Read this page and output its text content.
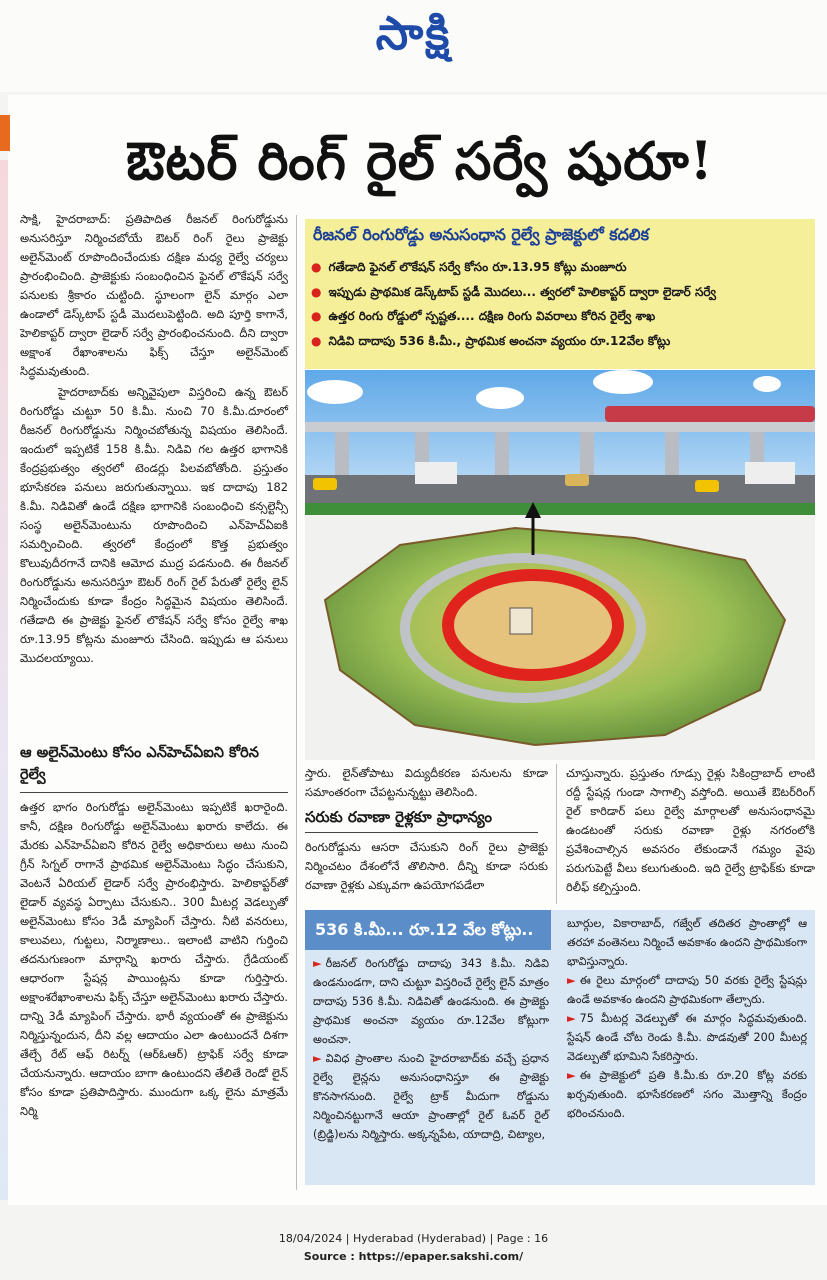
సాక్షి
ఔటర్ రింగ్ రైల్ సర్వే షురూ!

సాక్షి, హైదరాబాద్: ప్రతిపాదిత రీజనల్ రింగురోడ్డును అనుసరిస్తూ నిర్మించబోయే ఔటర్ రింగ్ రైలు ప్రాజెక్టు అలైన్‌మెంట్ రూపొందించేందుకు దక్షిణ మధ్య రైల్వే చర్యలు ప్రారంభించింది. ప్రాజెక్టుకు సంబంధించిన ఫైనల్ లొకేషన్ సర్వే పనులకు శ్రీకారం చుట్టింది. స్థూలంగా లైన్ మార్గం ఎలా ఉండాలో డెస్క్‌టాప్ స్టడీ మొదలుపెట్టింది. అది పూర్తి కాగానే, హెలికాప్టర్ ద్వారా లైడార్ సర్వే ప్రారంభించనుంది. దీని ద్వారా అక్షాంశ రేఖాంశాలను ఫిక్స్ చేస్తూ అలైన్‌మెంట్ సిద్ధమవుతుంది.

హైదరాబాద్‌కు అన్నివైపులా విస్తరించి ఉన్న ఔటర్ రింగురోడ్డు చుట్టూ 50 కి.మీ. నుంచి 70 కి.మీ.దూరంలో రీజనల్ రింగురోడ్డును నిర్మించబోతున్న విషయం తెలిసిందే. ఇందులో ఇప్పటికే 158 కి.మీ. నిడివి గల ఉత్తర భాగానికి కేంద్రప్రభుత్వం త్వరలో టెండర్లు పిలవబోతోంది. ప్రస్తుతం భూసేకరణ పనులు జరుగుతున్నాయి. ఇక దాదాపు 182 కి.మీ. నిడివితో ఉండే దక్షిణ భాగానికి సంబంధించి కన్సల్టెన్సీ సంస్థ అలైన్‌మెంటును రూపొందించి ఎన్‌హెచ్‌ఏఐకి సమర్పించింది. త్వరలో కేంద్రంలో కొత్త ప్రభుత్వం కొలువుదీరగానే దానికి ఆమోద ముద్ర పడనుంది. ఈ రీజనల్ రింగురోడ్డును అనుసరిస్తూ ఔటర్ రింగ్ రైల్ పేరుతో రైల్వే లైన్ నిర్మించేందుకు కూడా కేంద్రం సిద్ధమైన విషయం తెలిసిందే. గతేడాది ఈ ప్రాజెక్టు ఫైనల్ లొకేషన్ సర్వే కోసం రైల్వే శాఖ రూ.13.95 కోట్లను మంజూరు చేసింది. ఇప్పుడు ఆ పనులు మొదలయ్యాయి.

ఆ అలైన్‌మెంటు కోసం ఎన్‌హెచ్ఏఐని కోరిన రైల్వే

ఉత్తర భాగం రింగురోడ్డు అలైన్‌మెంటు ఇప్పటికే ఖరారైంది. కానీ, దక్షిణ రింగురోడ్డు అలైన్‌మెంటు ఖరారు కాలేదు. ఈ మేరకు ఎన్‌హెచ్ఏఐని కోరిన రైల్వే అధికారులు అటు నుంచి గ్రీన్ సిగ్నల్ రాగానే ప్రాథమిక అలైన్‌మెంటు సిద్ధం చేసుకుని, వెంటనే ఏరియల్ లైడార్ సర్వే ప్రారంభిస్తారు. హెలికాప్టర్‌తో లైడార్ వ్యవస్థ ఏర్పాటు చేసుకుని.. 300 మీటర్ల వెడల్పుతో అలైన్‌మెంటు కోసం 3డీ మ్యాపింగ్ చేస్తారు. నీటి వనరులు, కాలువలు, గుట్టలు, నిర్మాణాలు.. ఇలాంటి వాటిని గుర్తించి తదనుగుణంగా మార్గాన్ని ఖరారు చేస్తారు. గ్రేడియంట్ ఆధారంగా స్టేషన్ల పాయింట్లను కూడా గుర్తిస్తారు. అక్షాంశరేఖాంశాలను ఫిక్స్ చేస్తూ అలైన్‌మెంటు ఖరారు చేస్తారు. దాన్ని 3డీ మ్యాపింగ్ చేస్తారు. భారీ వ్యయంతో ఈ ప్రాజెక్టును నిర్మిస్తున్నందున, దీని వల్ల ఆదాయం ఎలా ఉంటుందనే దిశగా తేల్చే రేట్ ఆఫ్ రిటర్న్ (ఆర్ఓఆర్) ట్రాఫిక్ సర్వే కూడా చేయనున్నారు. ఆదాయం బాగా ఉంటుందని తేలితే రెండో లైన్ కోసం కూడా ప్రతిపాదిస్తారు. ముందుగా ఒక్క లైను మాత్రమే నిర్మి

రీజనల్ రింగురోడ్డు అనుసంధాన రైల్వే ప్రాజెక్టులో కదలిక
● గతేడాది ఫైనల్ లొకేషన్ సర్వే కోసం రూ.13.95 కోట్లు మంజూరు
● ఇప్పుడు ప్రాథమిక డెస్క్‌టాప్ స్టడీ మొదలు... త్వరలో హెలికాప్టర్ ద్వారా లైడార్ సర్వే
● ఉత్తర రింగు రోడ్డులో స్పష్టత.... దక్షిణ రింగు వివరాలు కోరిన రైల్వే శాఖ
● నిడివి దాదాపు 536 కి.మీ., ప్రాథమిక అంచనా వ్యయం రూ.12వేల కోట్లు
స్తారు. లైన్‌తోపాటు విద్యుదీకరణ పనులను కూడా సమాంతరంగా చేపట్టనున్నట్టు తెలిసింది.
సరుకు రవాణా రైళ్లకూ ప్రాధాన్యం
రింగురోడ్డును ఆసరా చేసుకుని రింగ్ రైలు ప్రాజెక్టు నిర్మించటం దేశంలోనే తొలిసారి. దీన్ని కూడా సరుకు రవాణా రైళ్లకు ఎక్కువగా ఉపయోగపడేలా
చూస్తున్నారు. ప్రస్తుతం గూడ్సు రైళ్లు సికింద్రాబాద్ లాంటి రద్దీ స్టేషన్ల గుండా సాగాల్సి వస్తోంది. అయితే ఔటర్‌రింగ్ రైల్ కారిడార్ పలు రైల్వే మార్గాలతో అనుసంధానమై ఉండటంతో సరుకు రవాణా రైళ్లు నగరంలోకి ప్రవేశించాల్సిన అవసరం లేకుండానే గమ్యం వైపు పరుగుపెట్టే వీలు కలుగుతుంది. ఇది రైల్వే ట్రాఫిక్‌కు కూడా రిలీఫ్ కల్పిస్తుంది.
536 కి.మీ... రూ.12 వేల కోట్లు..
► రీజనల్ రింగురోడ్డు దాదాపు 343 కి.మీ. నిడివి ఉండనుండగా, దాని చుట్టూ విస్తరించే రైల్వే లైన్ మాత్రం దాదాపు 536 కి.మీ. నిడివితో ఉండనుంది. ఈ ప్రాజెక్టు ప్రాథమిక అంచనా వ్యయం రూ.12వేల కోట్లుగా అంచనా.
► వివిధ ప్రాంతాల నుంచి హైదరాబాద్‌కు వచ్చే ప్రధాన రైల్వే లైన్లను అనుసంధానిస్తూ ఈ ప్రాజెక్టు కొనసాగనుంది. రైల్వే ట్రాక్ మీదుగా రోడ్డును నిర్మించినట్టుగానే ఆయా ప్రాంతాల్లో రైల్ ఓవర్ రైల్ (బ్రిడ్జి)లను నిర్మిస్తారు. అక్కన్నపేట, యాదాద్రి, చిట్యాల,
బూర్గుల, వికారాబాద్, గజ్వేల్ తదితర ప్రాంతాల్లో ఆ తరహా వంతెనలు నిర్మించే అవకాశం ఉందని ప్రాథమికంగా భావిస్తున్నారు.
► ఈ రైలు మార్గంలో దాదాపు 50 వరకు రైల్వే స్టేషన్లు ఉండే అవకాశం ఉందని ప్రాథమికంగా తేల్చారు.
► 75 మీటర్ల వెడల్పుతో ఈ మార్గం సిద్ధమవుతుంది. స్టేషన్ ఉండే చోట రెండు కి.మీ. పొడవుతో 200 మీటర్ల వెడల్పుతో భూమిని సేకరిస్తారు.
► ఈ ప్రాజెక్టులో ప్రతి కి.మీ.కు రూ.20 కోట్ల వరకు ఖర్చవుతుంది. భూసేకరణలో సగం మొత్తాన్ని కేంద్రం భరించనుంది.
18/04/2024 | Hyderabad (Hyderabad) | Page : 16
Source : https://epaper.sakshi.com/
